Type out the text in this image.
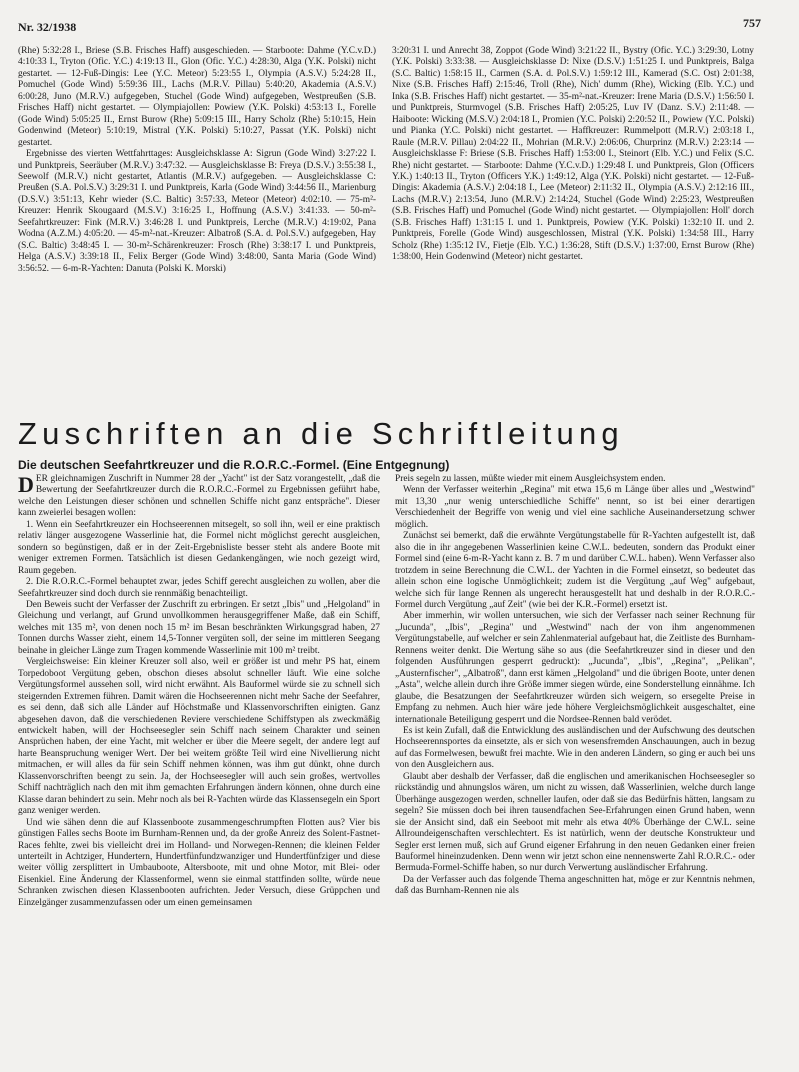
Nr. 32/1938	757

(Rhe) 5:32:28 I., Briese (S.B. Frisches Haff) ausgeschieden. — Starboote: Dahme (Y.C.v.D.) 4:10:33 I., Tryton (Ofic. Y.C.) 4:19:13 II., Glon (Ofic. Y.C.) 4:28:30, Alga (Y.K. Polski) nicht gestartet. — 12-Fuß-Dingis: Lee (Y.C. Meteor) 5:23:55 I., Olympia (A.S.V.) 5:24:28 II., Pomuchel (Gode Wind) 5:59:36 III., Lachs (M.R.V. Pillau) 5:40:20, Akademia (A.S.V.) 6:00:28, Juno (M.R.V.) aufgegeben, Stuchel (Gode Wind) aufgegeben, Westpreußen (S.B. Frisches Haff) nicht gestartet. — Olympiajollen: Powiew (Y.K. Polski) 4:53:13 I., Forelle (Gode Wind) 5:05:25 II., Ernst Burow (Rhe) 5:09:15 III., Harry Scholz (Rhe) 5:10:15, Hein Godenwind (Meteor) 5:10:19, Mistral (Y.K. Polski) 5:10:27, Passat (Y.K. Polski) nicht gestartet.

Ergebnisse des vierten Wettfahrttages: Ausgleichsklasse A: Sigrun (Gode Wind) 3:27:22 I. und Punktpreis, Seeräuber (M.R.V.) 3:47:32. — Ausgleichsklasse B: Freya (D.S.V.) 3:55:38 I., Seewolf (M.R.V.) nicht gestartet, Atlantis (M.R.V.) aufgegeben. — Ausgleichsklasse C: Preußen (S.A. Pol.S.V.) 3:29:31 I. und Punktpreis, Karla (Gode Wind) 3:44:56 II., Marienburg (D.S.V.) 3:51:13, Kehr wieder (S.C. Baltic) 3:57:33, Meteor (Meteor) 4:02:10. — 75-m²-Kreuzer: Henrik Skougaard (M.S.V.) 3:16:25 I., Hoffnung (A.S.V.) 3:41:33. — 50-m²-Seefahrtkreuzer: Fink (M.R.V.) 3:46:28 I. und Punktpreis, Lerche (M.R.V.) 4:19:02, Pana Wodna (A.Z.M.) 4:05:20. — 45-m²-nat.-Kreuzer: Albatroß (S.A. d. Pol.S.V.) aufgegeben, Hay (S.C. Baltic) 3:48:45 I. — 30-m²-Schärenkreuzer: Frosch (Rhe) 3:38:17 I. und Punktpreis, Helga (A.S.V.) 3:39:18 II., Felix Berger (Gode Wind) 3:48:00, Santa Maria (Gode Wind) 3:56:52. — 6-m-R-Yachten: Danuta (Polski K. Morski)

3:20:31 I. und Anrecht 38, Zoppot (Gode Wind) 3:21:22 II., Bystry (Ofic. Y.C.) 3:29:30, Lotny (Y.K. Polski) 3:33:38. — Ausgleichsklasse D: Nixe (D.S.V.) 1:51:25 I. und Punktpreis, Balga (S.C. Baltic) 1:58:15 II., Carmen (S.A. d. Pol.S.V.) 1:59:12 III., Kamerad (S.C. Ost) 2:01:38, Nixe (S.B. Frisches Haff) 2:15:46, Troll (Rhe), Nich' dumm (Rhe), Wicking (Elb. Y.C.) und Inka (S.B. Frisches Haff) nicht gestartet. — 35-m²-nat.-Kreuzer: Irene Maria (D.S.V.) 1:56:50 I. und Punktpreis, Sturmvogel (S.B. Frisches Haff) 2:05:25, Luv IV (Danz. S.V.) 2:11:48. — Haiboote: Wicking (M.S.V.) 2:04:18 I., Promien (Y.C. Polski) 2:20:52 II., Powiew (Y.C. Polski) und Pianka (Y.C. Polski) nicht gestartet. — Haffkreuzer: Rummelpott (M.R.V.) 2:03:18 I., Raule (M.R.V. Pillau) 2:04:22 II., Mohrian (M.R.V.) 2:06:06, Churprinz (M.R.V.) 2:23:14 — Ausgleichsklasse F: Briese (S.B. Frisches Haff) 1:53:00 I., Steinort (Elb. Y.C.) und Felix (S.C. Rhe) nicht gestartet. — Starboote: Dahme (Y.C.v.D.) 1:29:48 I. und Punktpreis, Glon (Officers Y.K.) 1:40:13 II., Tryton (Officers Y.K.) 1:49:12, Alga (Y.K. Polski) nicht gestartet. — 12-Fuß-Dingis: Akademia (A.S.V.) 2:04:18 I., Lee (Meteor) 2:11:32 II., Olympia (A.S.V.) 2:12:16 III., Lachs (M.R.V.) 2:13:54, Juno (M.R.V.) 2:14:24, Stuchel (Gode Wind) 2:25:23, Westpreußen (S.B. Frisches Haff) und Pomuchel (Gode Wind) nicht gestartet. — Olympiajollen: Holl' dorch (S.B. Frisches Haff) 1:31:15 I. und 1. Punktpreis, Powiew (Y.K. Polski) 1:32:10 II. und 2. Punktpreis, Forelle (Gode Wind) ausgeschlossen, Mistral (Y.K. Polski) 1:34:58 III., Harry Scholz (Rhe) 1:35:12 IV., Fietje (Elb. Y.C.) 1:36:28, Stift (D.S.V.) 1:37:00, Ernst Burow (Rhe) 1:38:00, Hein Godenwind (Meteor) nicht gestartet.

Zuschriften an die Schriftleitung
Die deutschen Seefahrtkreuzer und die R.O.R.C.-Formel. (Eine Entgegnung)

DER gleichnamigen Zuschrift in Nummer 28 der „Yacht" ist der Satz vorangestellt, „daß die Bewertung der Seefahrtkreuzer durch die R.O.R.C.-Formel zu Ergebnissen geführt habe, welche den Leistungen dieser schönen und schnellen Schiffe nicht ganz entspräche". Dieser kann zweierlei besagen wollen:

1. Wenn ein Seefahrtkreuzer ein Hochseerennen mitsegelt, so soll ihn, weil er eine praktisch relativ länger ausgezogene Wasserlinie hat, die Formel nicht möglichst gerecht ausgleichen, sondern so begünstigen, daß er in der Zeit-Ergebnisliste besser steht als andere Boote mit weniger extremen Formen. Tatsächlich ist diesen Gedankengängen, wie noch gezeigt wird, Raum gegeben.

2. Die R.O.R.C.-Formel behauptet zwar, jedes Schiff gerecht ausgleichen zu wollen, aber die Seefahrtkreuzer sind doch durch sie rennmäßig benachteiligt.

Den Beweis sucht der Verfasser der Zuschrift zu erbringen. Er setzt „Ibis" und „Helgoland" in Gleichung und verlangt, auf Grund unvollkommen herausgegriffener Maße, daß ein Schiff, welches mit 135 m², von denen noch 15 m² im Besan beschränkten Wirkungsgrad haben, 27 Tonnen durchs Wasser zieht, einem 14,5-Tonner vergüten soll, der seine im mittleren Seegang beinahe in gleicher Länge zum Tragen kommende Wasserlinie mit 100 m² treibt.

Vergleichsweise: Ein kleiner Kreuzer soll also, weil er größer ist und mehr PS hat, einem Torpedoboot Vergütung geben, obschon dieses absolut schneller läuft. Wie eine solche Vergütungsformel aussehen soll, wird nicht erwähnt. Als Bauformel würde sie zu schnell sich steigernden Extremen führen. Damit wären die Hochseerennen nicht mehr Sache der Seefahrer, es sei denn, daß sich alle Länder auf Höchstmaße und Klassenvorschriften einigten. Ganz abgesehen davon, daß die verschiedenen Reviere verschiedene Schiffstypen als zweckmäßig entwickelt haben, will der Hochseesegler sein Schiff nach seinem Charakter und seinen Ansprüchen haben, der eine Yacht, mit welcher er über die Meere segelt, der andere legt auf harte Beanspruchung weniger Wert. Der bei weitem größte Teil wird eine Nivellierung nicht mitmachen, er will alles da für sein Schiff nehmen können, was ihm gut dünkt, ohne durch Klassenvorschriften beengt zu sein. Ja, der Hochseesegler will auch sein großes, wertvolles Schiff nachträglich nach den mit ihm gemachten Erfahrungen ändern können, ohne durch eine Klasse daran behindert zu sein. Mehr noch als bei R-Yachten würde das Klassensegeln ein Sport ganz weniger werden.

Und wie sähen denn die auf Klassenboote zusammengeschrumpften Flotten aus? Vier bis günstigen Falles sechs Boote im Burnham-Rennen und, da der große Anreiz des Solent-Fastnet-Races fehlte, zwei bis vielleicht drei im Holland- und Norwegen-Rennen; die kleinen Felder unterteilt in Achtziger, Hundertern, Hundertfünfundzwanziger und Hundertfünfziger und diese weiter völlig zersplittert in Umbauboote, Altersboote, mit und ohne Motor, mit Blei- oder Eisenkiel. Eine Änderung der Klassenformel, wenn sie einmal stattfinden sollte, würde neue Schranken zwischen diesen Klassenbooten aufrichten. Jeder Versuch, diese Grüppchen und Einzelgänger zusammenzufassen oder um einen gemeinsamen

Preis segeln zu lassen, müßte wieder mit einem Ausgleichsystem enden.

Wenn der Verfasser weiterhin „Regina" mit etwa 15,6 m Länge über alles und „Westwind" mit 13,30 „nur wenig unterschiedliche Schiffe" nennt, so ist bei einer derartigen Verschiedenheit der Begriffe von wenig und viel eine sachliche Auseinandersetzung schwer möglich.

Zunächst sei bemerkt, daß die erwähnte Vergütungstabelle für R-Yachten aufgestellt ist, daß also die in ihr angegebenen Wasserlinien keine C.W.L. bedeuten, sondern das Produkt einer Formel sind (eine 6-m-R-Yacht kann z. B. 7 m und darüber C.W.L. haben). Wenn Verfasser also trotzdem in seine Berechnung die C.W.L. der Yachten in die Formel einsetzt, so bedeutet das allein schon eine logische Unmöglichkeit; zudem ist die Vergütung „auf Weg" aufgebaut, welche sich für lange Rennen als ungerecht herausgestellt hat und deshalb in der R.O.R.C.-Formel durch Vergütung „auf Zeit" (wie bei der K.R.-Formel) ersetzt ist.

Aber immerhin, wir wollen untersuchen, wie sich der Verfasser nach seiner Rechnung für „Jucunda", „Ibis", „Regina" und „Westwind" nach der von ihm angenommenen Vergütungstabelle, auf welcher er sein Zahlenmaterial aufgebaut hat, die Zeitliste des Burnham-Rennens weiter denkt. Die Wertung sähe so aus (die Seefahrtkreuzer sind in dieser und den folgenden Ausführungen gesperrt gedruckt): „Jucunda", „Ibis", „Regina", „Pelikan", „Austernfischer", „Albatroß", dann erst kämen „Helgoland" und die übrigen Boote, unter denen „Asta", welche allein durch ihre Größe immer siegen würde, eine Sonderstellung einnähme. Ich glaube, die Besatzungen der Seefahrtkreuzer würden sich weigern, so ersegelte Preise in Empfang zu nehmen. Auch hier wäre jede höhere Vergleichsmöglichkeit ausgeschaltet, eine internationale Beteiligung gesperrt und die Nordsee-Rennen bald verödet.

Es ist kein Zufall, daß die Entwicklung des ausländischen und der Aufschwung des deutschen Hochseerennsportes da einsetzte, als er sich von wesensfremden Anschauungen, auch in bezug auf das Formelwesen, bewußt frei machte. Wie in den anderen Ländern, so ging er auch bei uns von den Ausgleichern aus.

Glaubt aber deshalb der Verfasser, daß die englischen und amerikanischen Hochseesegler so rückständig und ahnungslos wären, um nicht zu wissen, daß Wasserlinien, welche durch lange Überhänge ausgezogen werden, schneller laufen, oder daß sie das Bedürfnis hätten, langsam zu segeln? Sie müssen doch bei ihren tausendfachen See-Erfahrungen einen Grund haben, wenn sie der Ansicht sind, daß ein Seeboot mit mehr als etwa 40% Überhänge der C.W.L. seine Allroundeigenschaften verschlechtert. Es ist natürlich, wenn der deutsche Konstrukteur und Segler erst lernen muß, sich auf Grund eigener Erfahrung in den neuen Gedanken einer freien Bauformel hineinzudenken. Denn wenn wir jetzt schon eine nennenswerte Zahl R.O.R.C.- oder Bermuda-Formel-Schiffe haben, so nur durch Verwertung ausländischer Erfahrung.

Da der Verfasser auch das folgende Thema angeschnitten hat, möge er zur Kenntnis nehmen, daß das Burnham-Rennen nie als
